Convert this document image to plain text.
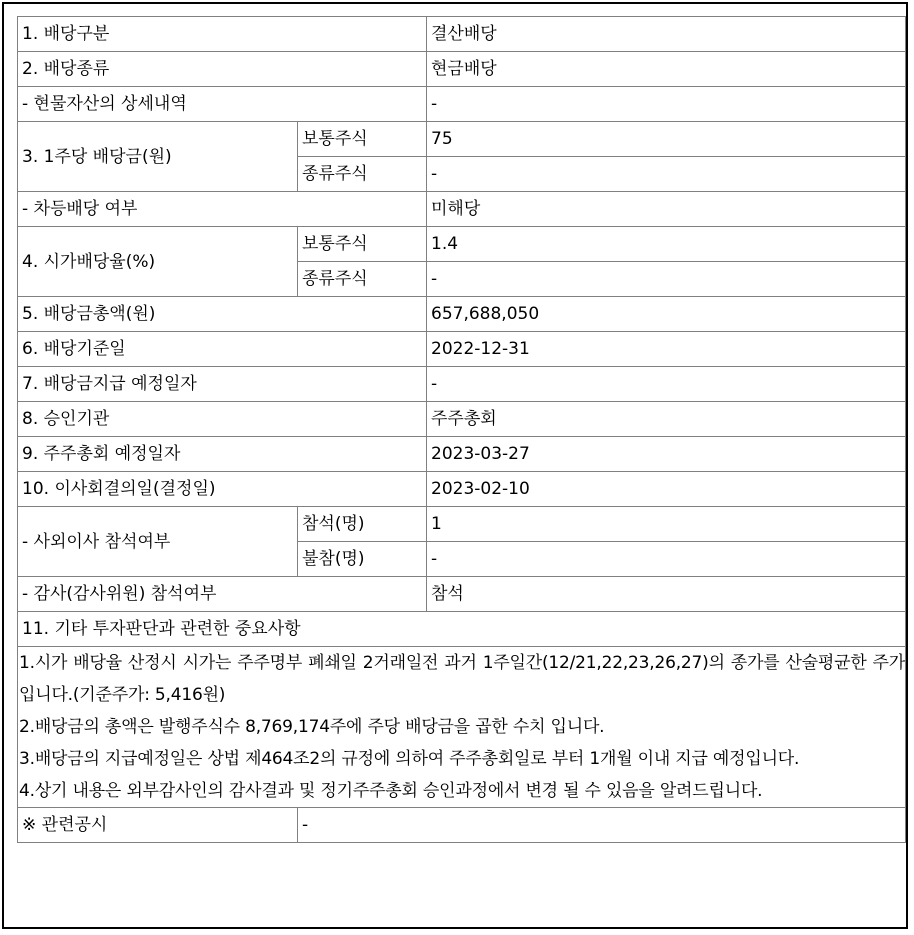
1. 배당구분		결산배당
2. 배당종류		현금배당
- 현물자산의 상세내역		-
3. 1주당 배당금(원)	보통주식	75
	종류주식	-
- 차등배당 여부		미해당
4. 시가배당율(%)	보통주식	1.4
	종류주식	-
5. 배당금총액(원)		657,688,050
6. 배당기준일		2022-12-31
7. 배당금지급 예정일자		-
8. 승인기관		주주총회
9. 주주총회 예정일자		2023-03-27
10. 이사회결의일(결정일)		2023-02-10
- 사외이사 참석여부	참석(명)	1
	불참(명)	-
- 감사(감사위원) 참석여부		참석
11. 기타 투자판단과 관련한 중요사항		

1.시가 배당율 산정시 시가는 주주명부 폐쇄일 2거래일전 과거 1주일간(12/21,22,23,26,27)의 종가를 산술평균한 주가입니다.(기준주가: 5,416원)

2.배당금의 총액은 발행주식수 8,769,174주에 주당 배당금을 곱한 수치 입니다.

3.배당금의 지급예정일은 상법 제464조2의 규정에 의하여 주주총회일로 부터 1개월 이내 지급 예정입니다.

4.상기 내용은 외부감사인의 감사결과 및 정기주주총회 승인과정에서 변경 될 수 있음을 알려드립니다.		

※ 관련공시	-	
